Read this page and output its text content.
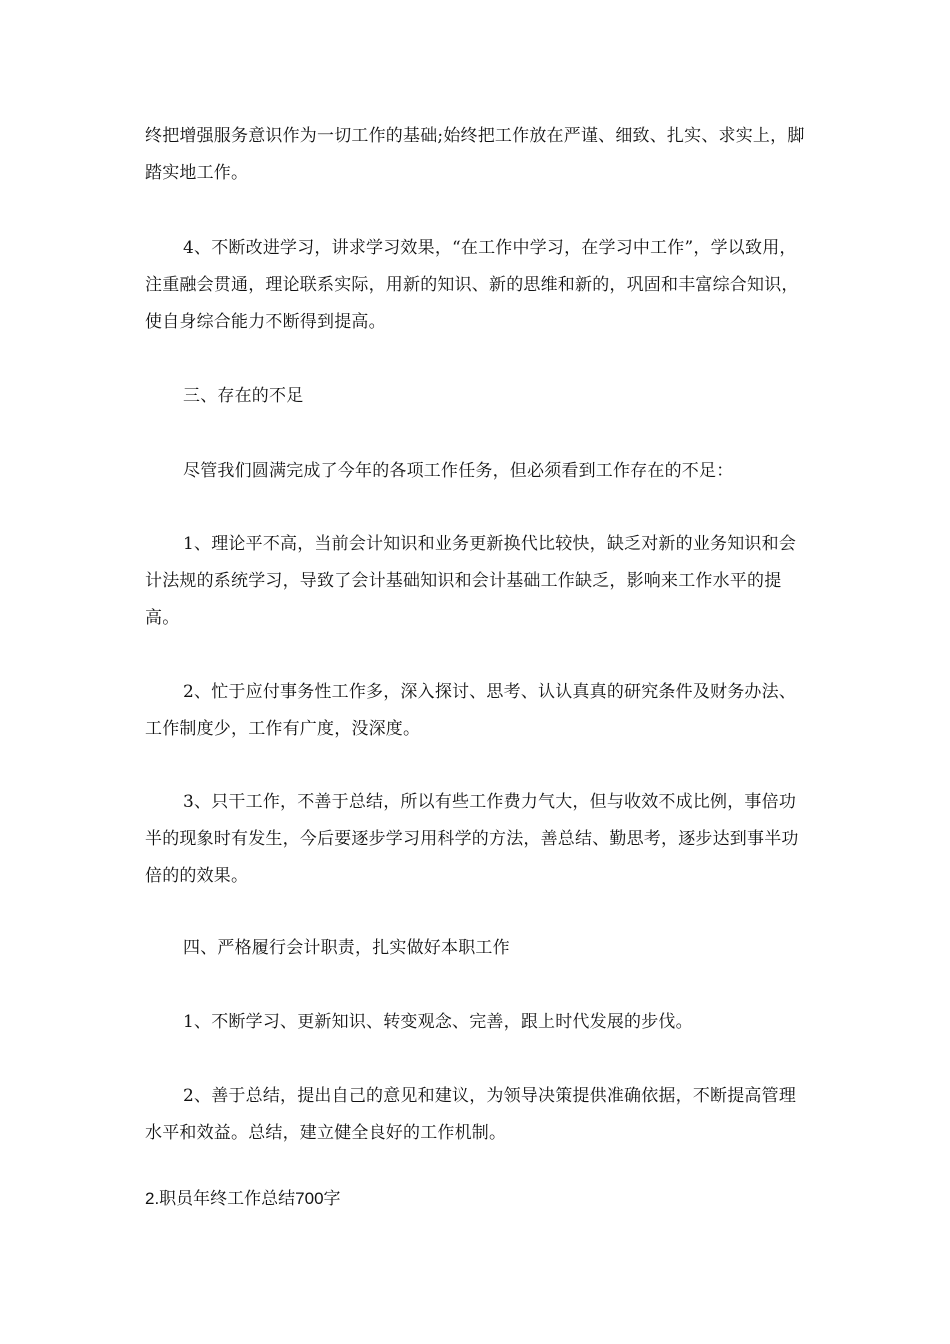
终把增强服务意识作为一切工作的基础;始终把工作放在严谨、细致、扎实、求实上，脚踏实地工作。

4、不断改进学习，讲求学习效果，“在工作中学习，在学习中工作”，学以致用，注重融会贯通，理论联系实际，用新的知识、新的思维和新的，巩固和丰富综合知识，使自身综合能力不断得到提高。

三、存在的不足

尽管我们圆满完成了今年的各项工作任务，但必须看到工作存在的不足：

1、理论平不高，当前会计知识和业务更新换代比较快，缺乏对新的业务知识和会计法规的系统学习，导致了会计基础知识和会计基础工作缺乏，影响来工作水平的提高。

2、忙于应付事务性工作多，深入探讨、思考、认认真真的研究条件及财务办法、工作制度少，工作有广度，没深度。

3、只干工作，不善于总结，所以有些工作费力气大，但与收效不成比例，事倍功半的现象时有发生，今后要逐步学习用科学的方法，善总结、勤思考，逐步达到事半功倍的的效果。

四、严格履行会计职责，扎实做好本职工作

1、不断学习、更新知识、转变观念、完善，跟上时代发展的步伐。

2、善于总结，提出自己的意见和建议，为领导决策提供准确依据，不断提高管理水平和效益。总结，建立健全良好的工作机制。

2.职员年终工作总结700字
